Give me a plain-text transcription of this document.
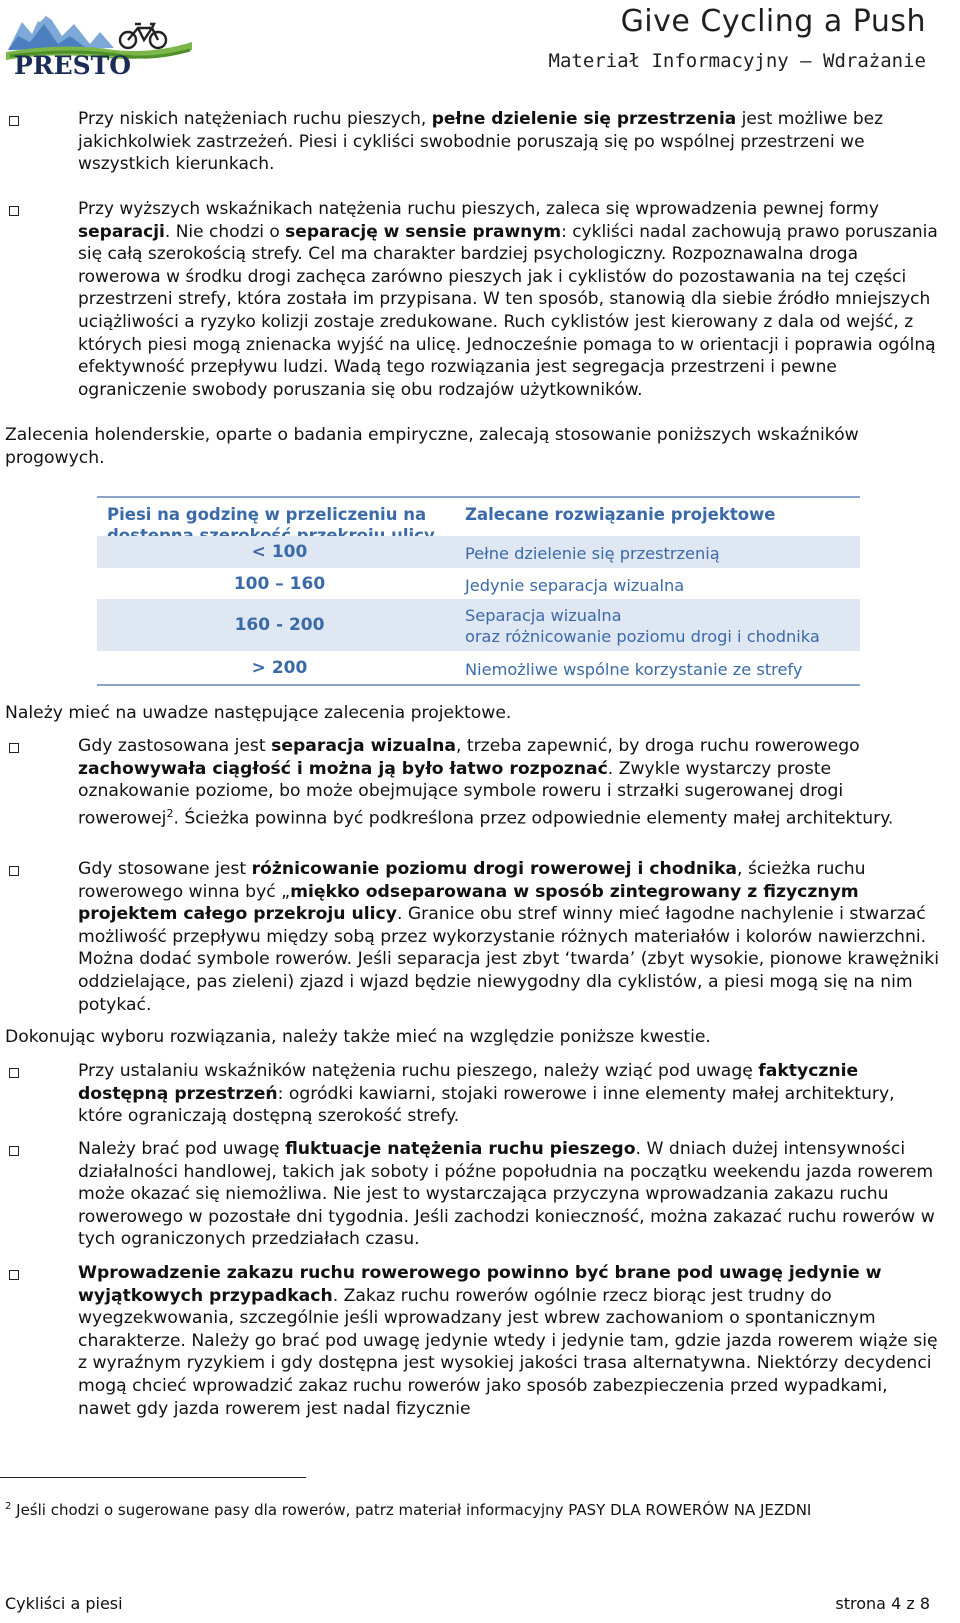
PRESTO
Give Cycling a Push
Materiał Informacyjny – Wdrażanie

Przy niskich natężeniach ruchu pieszych, pełne dzielenie się przestrzenia jest możliwe bez jakichkolwiek zastrzeżeń. Piesi i cykliści swobodnie poruszają się po wspólnej przestrzeni we wszystkich kierunkach.

Przy wyższych wskaźnikach natężenia ruchu pieszych, zaleca się wprowadzenia pewnej formy separacji. Nie chodzi o separację w sensie prawnym: cykliści nadal zachowują prawo poruszania się całą szerokością strefy. Cel ma charakter bardziej psychologiczny. Rozpoznawalna droga rowerowa w środku drogi zachęca zarówno pieszych jak i cyklistów do pozostawania na tej części przestrzeni strefy, która została im przypisana. W ten sposób, stanowią dla siebie źródło mniejszych uciążliwości a ryzyko kolizji zostaje zredukowane. Ruch cyklistów jest kierowany z dala od wejść, z których piesi mogą znienacka wyjść na ulicę. Jednocześnie pomaga to w orientacji i poprawia ogólną efektywność przepływu ludzi. Wadą tego rozwiązania jest segregacja przestrzeni i pewne ograniczenie swobody poruszania się obu rodzajów użytkowników.

Zalecenia holenderskie, oparte o badania empiryczne, zalecają stosowanie poniższych wskaźników progowych.

Piesi na godzinę w przeliczeniu na	Zalecane rozwiązanie projektowe
< 100	Pełne dzielenie się przestrzenią
100 – 160	Jedynie separacja wizualna
160 - 200	Separacja wizualna
oraz różnicowanie poziomu drogi i chodnika
> 200	Niemożliwe wspólne korzystanie ze strefy

Należy mieć na uwadze następujące zalecenia projektowe.

Gdy zastosowana jest separacja wizualna, trzeba zapewnić, by droga ruchu rowerowego zachowywała ciągłość i można ją było łatwo rozpoznać. Zwykle wystarczy proste oznakowanie poziome, bo może obejmujące symbole roweru i strzałki sugerowanej drogi rowerowej$^2$. Ścieżka powinna być podkreślona przez odpowiednie elementy małej architektury.

Gdy stosowane jest różnicowanie poziomu drogi rowerowej i chodnika, ścieżka ruchu rowerowego winna być „miękko odseparowana w sposób zintegrowany z fizycznym projektem całego przekroju ulicy. Granice obu stref winny mieć łagodne nachylenie i stwarzać możliwość przepływu między sobą przez wykorzystanie różnych materiałów i kolorów nawierzchni. Można dodać symbole rowerów. Jeśli separacja jest zbyt ‘twarda’ (zbyt wysokie, pionowe krawężniki oddzielające, pas zieleni) zjazd i wjazd będzie niewygodny dla cyklistów, a piesi mogą się na nim potykać.

Dokonując wyboru rozwiązania, należy także mieć na względzie poniższe kwestie.

Przy ustalaniu wskaźników natężenia ruchu pieszego, należy wziąć pod uwagę faktycznie dostępną przestrzeń: ogródki kawiarni, stojaki rowerowe i inne elementy małej architektury, które ograniczają dostępną szerokość strefy.

Należy brać pod uwagę fluktuacje natężenia ruchu pieszego. W dniach dużej intensywności działalności handlowej, takich jak soboty i późne popołudnia na początku weekendu jazda rowerem może okazać się niemożliwa. Nie jest to wystarczająca przyczyna wprowadzania zakazu ruchu rowerowego w pozostałe dni tygodnia. Jeśli zachodzi konieczność, można zakazać ruchu rowerów w tych ograniczonych przedziałach czasu.

Wprowadzenie zakazu ruchu rowerowego powinno być brane pod uwagę jedynie w wyjątkowych przypadkach. Zakaz ruchu rowerów ogólnie rzecz biorąc jest trudny do wyegzekwowania, szczególnie jeśli wprowadzany jest wbrew zachowaniom o spontanicznym charakterze. Należy go brać pod uwagę jedynie wtedy i jedynie tam, gdzie jazda rowerem wiąże się z wyraźnym ryzykiem i gdy dostępna jest wysokiej jakości trasa alternatywna. Niektórzy decydenci mogą chcieć wprowadzić zakaz ruchu rowerów jako sposób zabezpieczenia przed wypadkami, nawet gdy jazda rowerem jest nadal fizycznie

$^2$ Jeśli chodzi o sugerowane pasy dla rowerów, patrz materiał informacyjny PASY DLA ROWERÓW NA JEZDNI
Cykliści a piesi	strona 4 z 8
